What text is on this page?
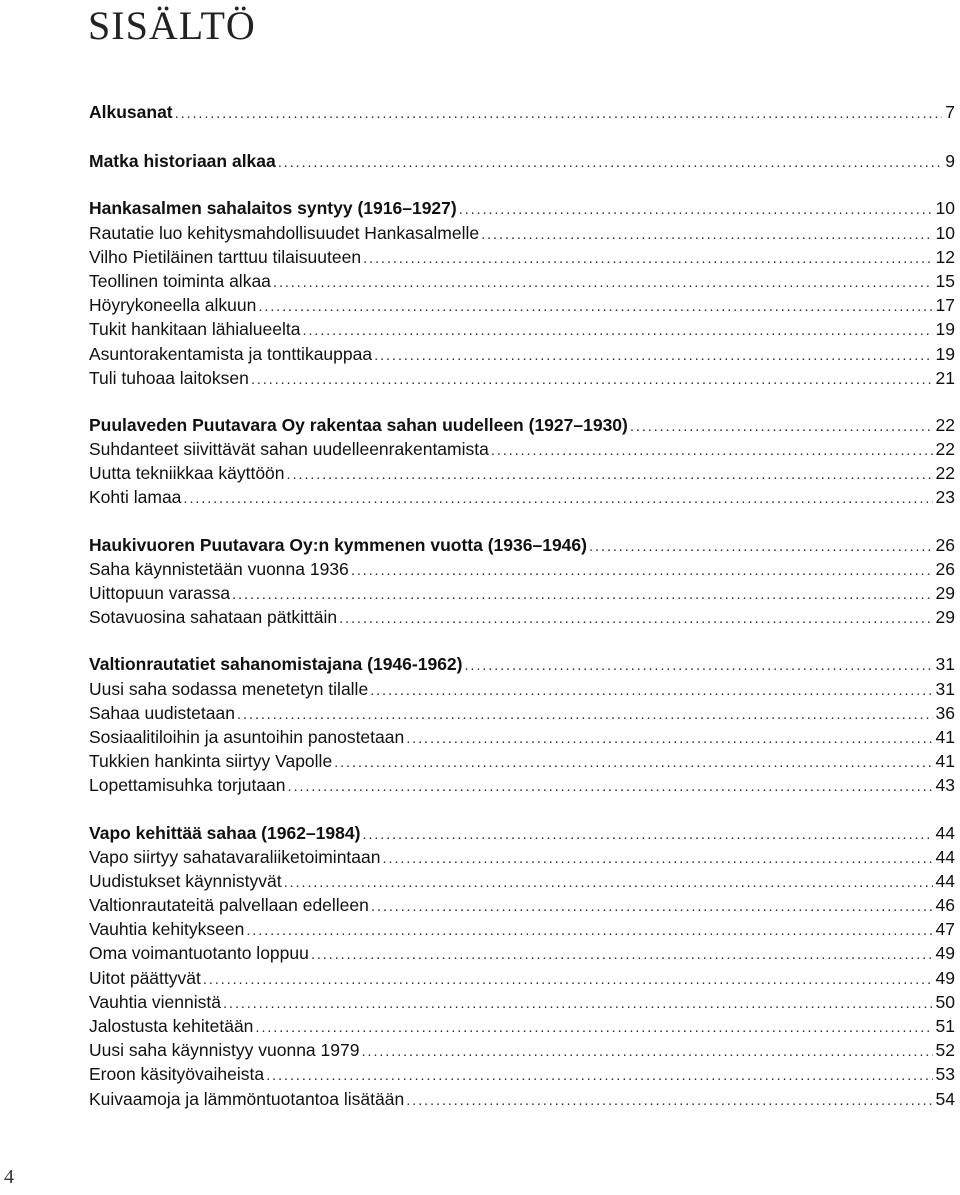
SISÄLTÖ
Alkusanat . . .	7
Matka historiaan alkaa . . .	9
Hankasalmen sahalaitos syntyy (1916–1927) . . .	10
Rautatie luo kehitysmahdollisuudet Hankasalmelle . . .	10
Vilho Pietiläinen tarttuu tilaisuuteen . . .	12
Teollinen toiminta alkaa . . .	15
Höyrykoneella alkuun . . .	17
Tukit hankitaan lähialueelta . . .	19
Asuntorakentamista ja tonttikauppaa . . .	19
Tuli tuhoaa laitoksen . . .	21
Puulaveden Puutavara Oy rakentaa sahan uudelleen (1927–1930) . . .	22
Suhdanteet siivittävät sahan uudelleenrakentamista . . .	22
Uutta tekniikkaa käyttöön . . .	22
Kohti lamaa . . .	23
Haukivuoren Puutavara Oy:n kymmenen vuotta (1936–1946) . . .	26
Saha käynnistetään vuonna 1936 . . .	26
Uittopuun varassa . . .	29
Sotavuosina sahataan pätkittäin . . .	29
Valtionrautatiet sahanomistajana (1946-1962) . . .	31
Uusi saha sodassa menetetyn tilalle . . .	31
Sahaa uudistetaan . . .	36
Sosiaalitiloihin ja asuntoihin panostetaan . . .	41
Tukkien hankinta siirtyy Vapolle . . .	41
Lopettamisuhka torjutaan . . .	43
Vapo kehittää sahaa (1962–1984) . . .	44
Vapo siirtyy sahatavaraliiketoimintaan . . .	44
Uudistukset käynnistyvät . . .	44
Valtionrautateitä palvellaan edelleen . . .	46
Vauhtia kehitykseen . . .	47
Oma voimantuotanto loppuu . . .	49
Uitot päättyvät . . .	49
Vauhtia viennistä . . .	50
Jalostusta kehitetään . . .	51
Uusi saha käynnistyy vuonna 1979 . . .	52
Eroon käsityövaiheista . . .	53
Kuivaamoja ja lämmöntuotantoa lisätään . . .	54
4
